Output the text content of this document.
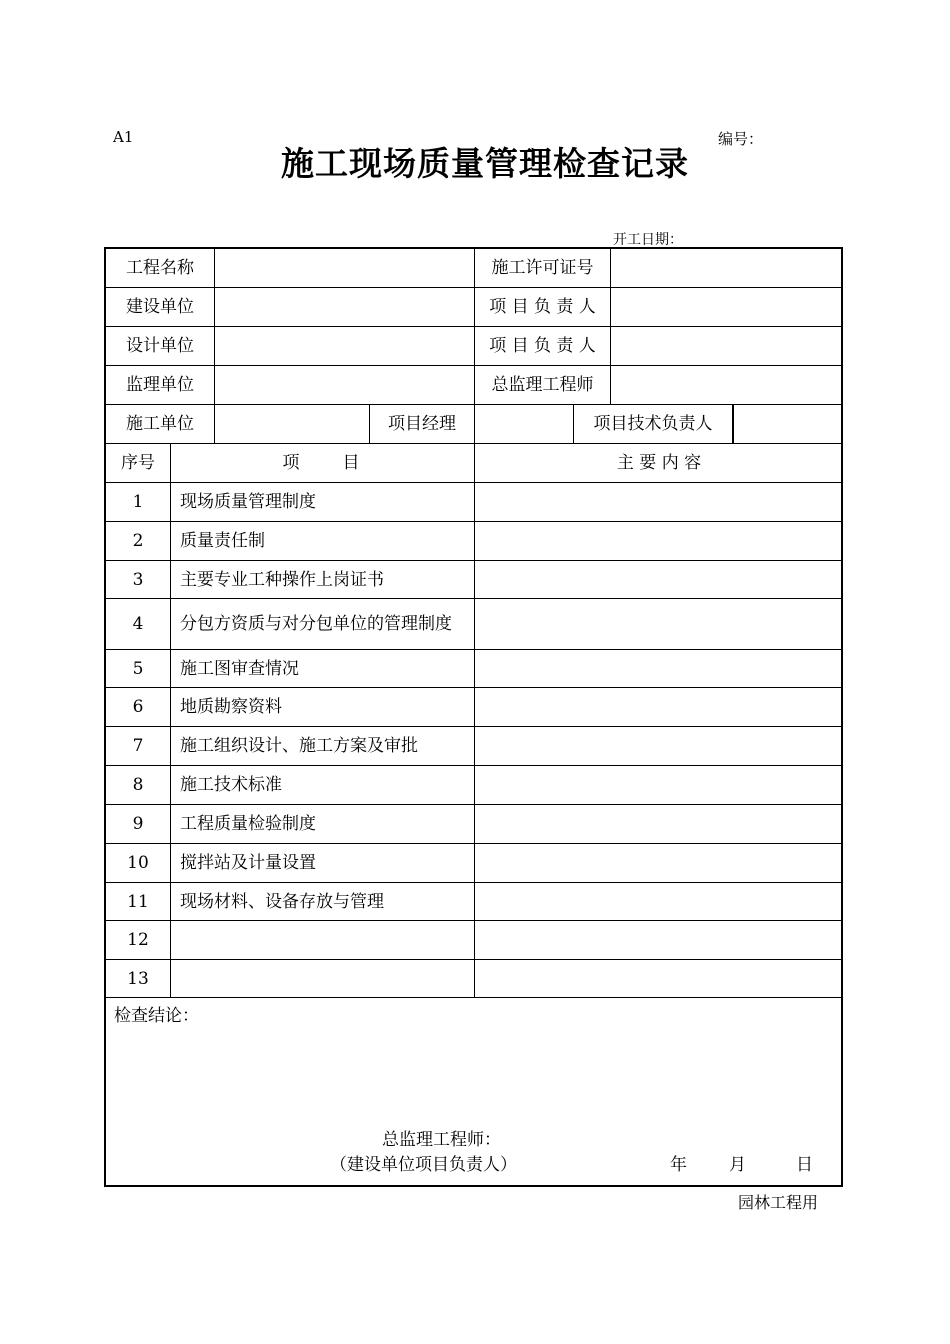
A1	编号：
施工现场质量管理检查记录
开工日期：
工程名称	施工许可证号
建设单位	项 目 负 责 人
设计单位	项 目 负 责 人
监理单位	总监理工程师
施工单位	项目经理	项目技术负责人
序号	项　　目	主 要 内 容
1	现场质量管理制度
2	质量责任制
3	主要专业工种操作上岗证书
4	分包方资质与对分包单位的管理制度
5	施工图审查情况
6	地质勘察资料
7	施工组织设计、施工方案及审批
8	施工技术标准
9	工程质量检验制度
10	搅拌站及计量设置
11	现场材料、设备存放与管理
12
13
检查结论：
总监理工程师：
（建设单位项目负责人）	年 月	日
园林工程用
